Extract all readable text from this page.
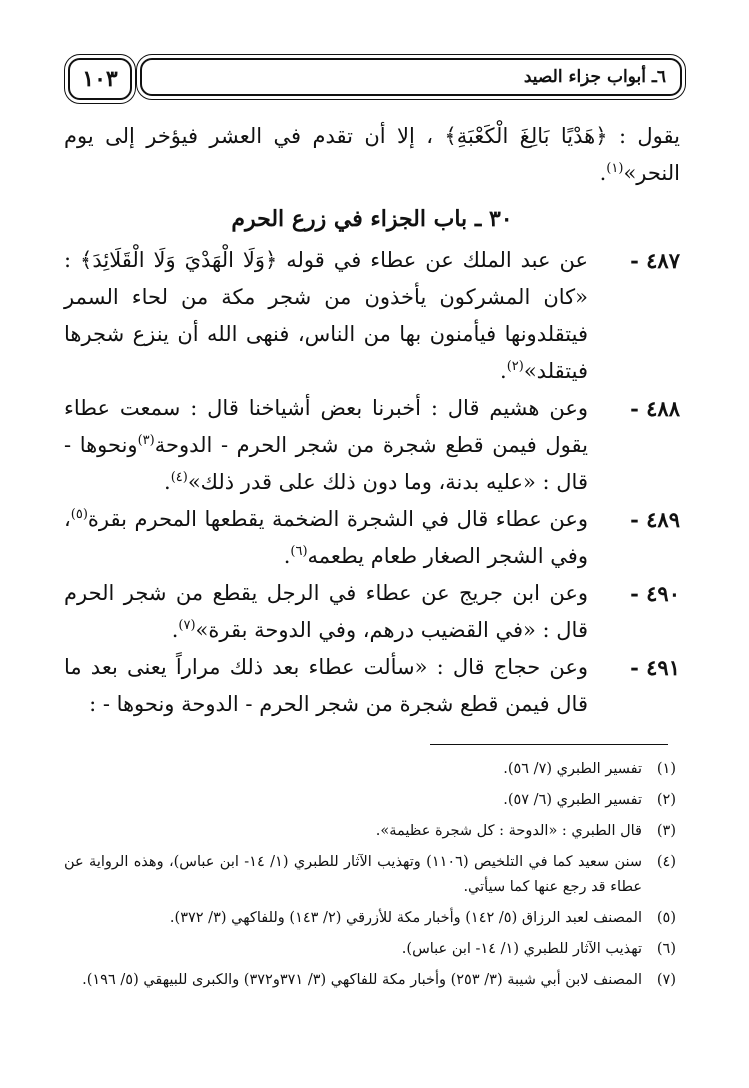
١٠٣	٦ـ أبواب جزاء الصيد

يقول : ﴿هَدْيًا بَالِغَ الْكَعْبَةِ﴾ ، إلا أن تقدم في العشر فيؤخر إلى يوم النحر»$^{(١)}$.

٣٠ ـ باب الجزاء في زرع الحرم

٤٨٧ -
عن عبد الملك عن عطاء في قوله ﴿وَلَا الْهَدْيَ وَلَا الْقَلَائِدَ﴾ : «كان المشركون يأخذون من شجر مكة من لحاء السمر فيتقلدونها فيأمنون بها من الناس، فنهى الله أن ينزع شجرها فيتقلد»$^{(٢)}$.

٤٨٨ -
وعن هشيم قال : أخبرنا بعض أشياخنا قال : سمعت عطاء يقول فيمن قطع شجرة من شجر الحرم - الدوحة$^{(٣)}$ونحوها - قال : «عليه بدنة، وما دون ذلك على قدر ذلك»$^{(٤)}$.

٤٨٩ -
وعن عطاء قال في الشجرة الضخمة يقطعها المحرم بقرة$^{(٥)}$، وفي الشجر الصغار طعام يطعمه$^{(٦)}$.

٤٩٠ -
وعن ابن جريج عن عطاء في الرجل يقطع من شجر الحرم قال : «في القضيب درهم، وفي الدوحة بقرة»$^{(٧)}$.

٤٩١ -
وعن حجاج قال : «سألت عطاء بعد ذلك مراراً يعنى بعد ما قال فيمن قطع شجرة من شجر الحرم - الدوحة ونحوها - :

(١)
تفسير الطبري (٧/ ٥٦).

(٢)
تفسير الطبري (٦/ ٥٧).

(٣)
قال الطبري : «الدوحة : كل شجرة عظيمة».

(٤)
سنن سعيد كما في التلخيص (١١٠٦) وتهذيب الآثار للطبري (١/ ١٤- ابن عباس)، وهذه الرواية عن عطاء قد رجع عنها كما سيأتي.

(٥)
المصنف لعبد الرزاق (٥/ ١٤٢) وأخبار مكة للأزرقي (٢/ ١٤٣) وللفاكهي (٣/ ٣٧٢).

(٦)
تهذيب الآثار للطبري (١/ ١٤- ابن عباس).

(٧)
المصنف لابن أبي شيبة (٣/ ٢٥٣) وأخبار مكة للفاكهي (٣/ ٣٧١و٣٧٢) والكبرى للبيهقي (٥/ ١٩٦).
